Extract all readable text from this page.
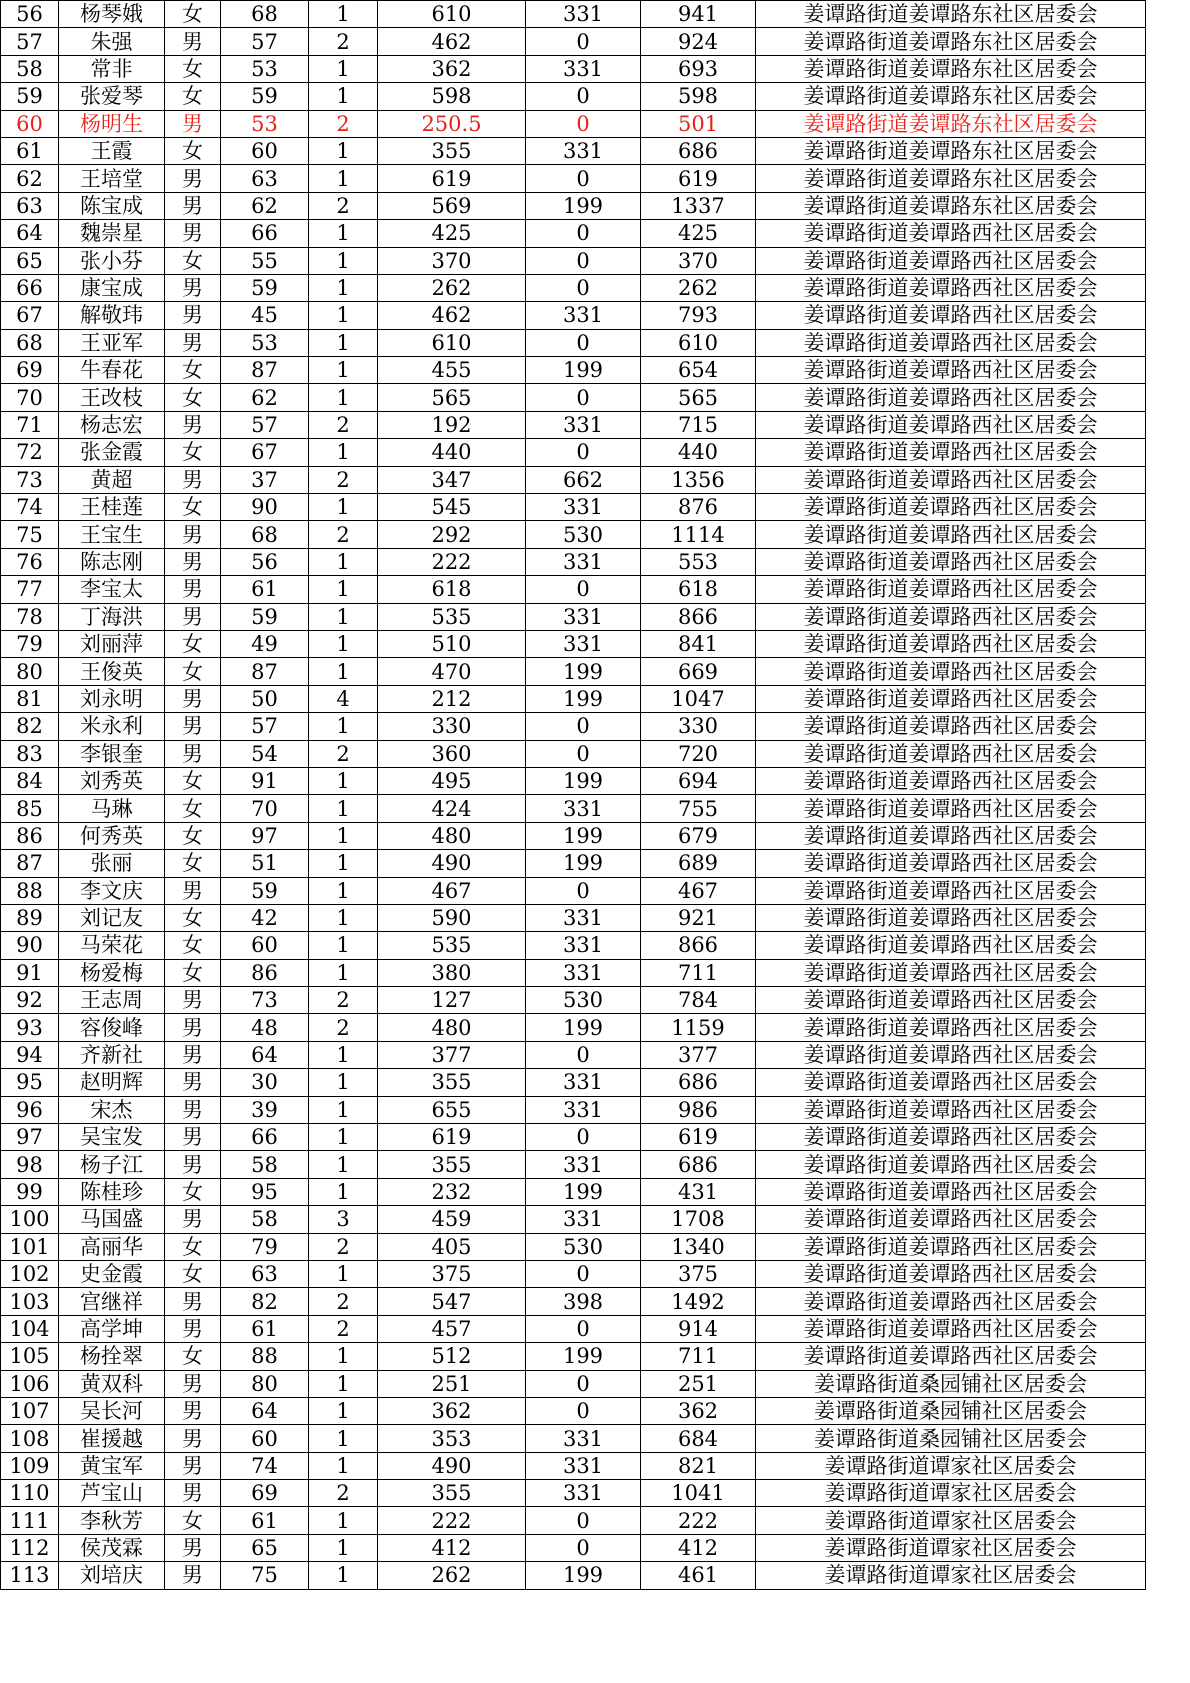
56	杨琴娥	女	68	1	610	331	941	姜谭路街道姜谭路东社区居委会
57	朱强	男	57	2	462	0	924	姜谭路街道姜谭路东社区居委会
58	常非	女	53	1	362	331	693	姜谭路街道姜谭路东社区居委会
59	张爱琴	女	59	1	598	0	598	姜谭路街道姜谭路东社区居委会
60	杨明生	男	53	2	250.5	0	501	姜谭路街道姜谭路东社区居委会
61	王霞	女	60	1	355	331	686	姜谭路街道姜谭路东社区居委会
62	王培堂	男	63	1	619	0	619	姜谭路街道姜谭路东社区居委会
63	陈宝成	男	62	2	569	199	1337	姜谭路街道姜谭路东社区居委会
64	魏崇星	男	66	1	425	0	425	姜谭路街道姜谭路西社区居委会
65	张小芬	女	55	1	370	0	370	姜谭路街道姜谭路西社区居委会
66	康宝成	男	59	1	262	0	262	姜谭路街道姜谭路西社区居委会
67	解敬玮	男	45	1	462	331	793	姜谭路街道姜谭路西社区居委会
68	王亚军	男	53	1	610	0	610	姜谭路街道姜谭路西社区居委会
69	牛春花	女	87	1	455	199	654	姜谭路街道姜谭路西社区居委会
70	王改枝	女	62	1	565	0	565	姜谭路街道姜谭路西社区居委会
71	杨志宏	男	57	2	192	331	715	姜谭路街道姜谭路西社区居委会
72	张金霞	女	67	1	440	0	440	姜谭路街道姜谭路西社区居委会
73	黄超	男	37	2	347	662	1356	姜谭路街道姜谭路西社区居委会
74	王桂莲	女	90	1	545	331	876	姜谭路街道姜谭路西社区居委会
75	王宝生	男	68	2	292	530	1114	姜谭路街道姜谭路西社区居委会
76	陈志刚	男	56	1	222	331	553	姜谭路街道姜谭路西社区居委会
77	李宝太	男	61	1	618	0	618	姜谭路街道姜谭路西社区居委会
78	丁海洪	男	59	1	535	331	866	姜谭路街道姜谭路西社区居委会
79	刘丽萍	女	49	1	510	331	841	姜谭路街道姜谭路西社区居委会
80	王俊英	女	87	1	470	199	669	姜谭路街道姜谭路西社区居委会
81	刘永明	男	50	4	212	199	1047	姜谭路街道姜谭路西社区居委会
82	米永利	男	57	1	330	0	330	姜谭路街道姜谭路西社区居委会
83	李银奎	男	54	2	360	0	720	姜谭路街道姜谭路西社区居委会
84	刘秀英	女	91	1	495	199	694	姜谭路街道姜谭路西社区居委会
85	马琳	女	70	1	424	331	755	姜谭路街道姜谭路西社区居委会
86	何秀英	女	97	1	480	199	679	姜谭路街道姜谭路西社区居委会
87	张丽	女	51	1	490	199	689	姜谭路街道姜谭路西社区居委会
88	李文庆	男	59	1	467	0	467	姜谭路街道姜谭路西社区居委会
89	刘记友	女	42	1	590	331	921	姜谭路街道姜谭路西社区居委会
90	马荣花	女	60	1	535	331	866	姜谭路街道姜谭路西社区居委会
91	杨爱梅	女	86	1	380	331	711	姜谭路街道姜谭路西社区居委会
92	王志周	男	73	2	127	530	784	姜谭路街道姜谭路西社区居委会
93	容俊峰	男	48	2	480	199	1159	姜谭路街道姜谭路西社区居委会
94	齐新社	男	64	1	377	0	377	姜谭路街道姜谭路西社区居委会
95	赵明辉	男	30	1	355	331	686	姜谭路街道姜谭路西社区居委会
96	宋杰	男	39	1	655	331	986	姜谭路街道姜谭路西社区居委会
97	吴宝发	男	66	1	619	0	619	姜谭路街道姜谭路西社区居委会
98	杨子江	男	58	1	355	331	686	姜谭路街道姜谭路西社区居委会
99	陈桂珍	女	95	1	232	199	431	姜谭路街道姜谭路西社区居委会
100	马国盛	男	58	3	459	331	1708	姜谭路街道姜谭路西社区居委会
101	高丽华	女	79	2	405	530	1340	姜谭路街道姜谭路西社区居委会
102	史金霞	女	63	1	375	0	375	姜谭路街道姜谭路西社区居委会
103	宫继祥	男	82	2	547	398	1492	姜谭路街道姜谭路西社区居委会
104	高学坤	男	61	2	457	0	914	姜谭路街道姜谭路西社区居委会
105	杨拴翠	女	88	1	512	199	711	姜谭路街道姜谭路西社区居委会
106	黄双科	男	80	1	251	0	251	姜谭路街道桑园铺社区居委会
107	吴长河	男	64	1	362	0	362	姜谭路街道桑园铺社区居委会
108	崔援越	男	60	1	353	331	684	姜谭路街道桑园铺社区居委会
109	黄宝军	男	74	1	490	331	821	姜谭路街道谭家社区居委会
110	芦宝山	男	69	2	355	331	1041	姜谭路街道谭家社区居委会
111	李秋芳	女	61	1	222	0	222	姜谭路街道谭家社区居委会
112	侯茂霖	男	65	1	412	0	412	姜谭路街道谭家社区居委会
113	刘培庆	男	75	1	262	199	461	姜谭路街道谭家社区居委会
